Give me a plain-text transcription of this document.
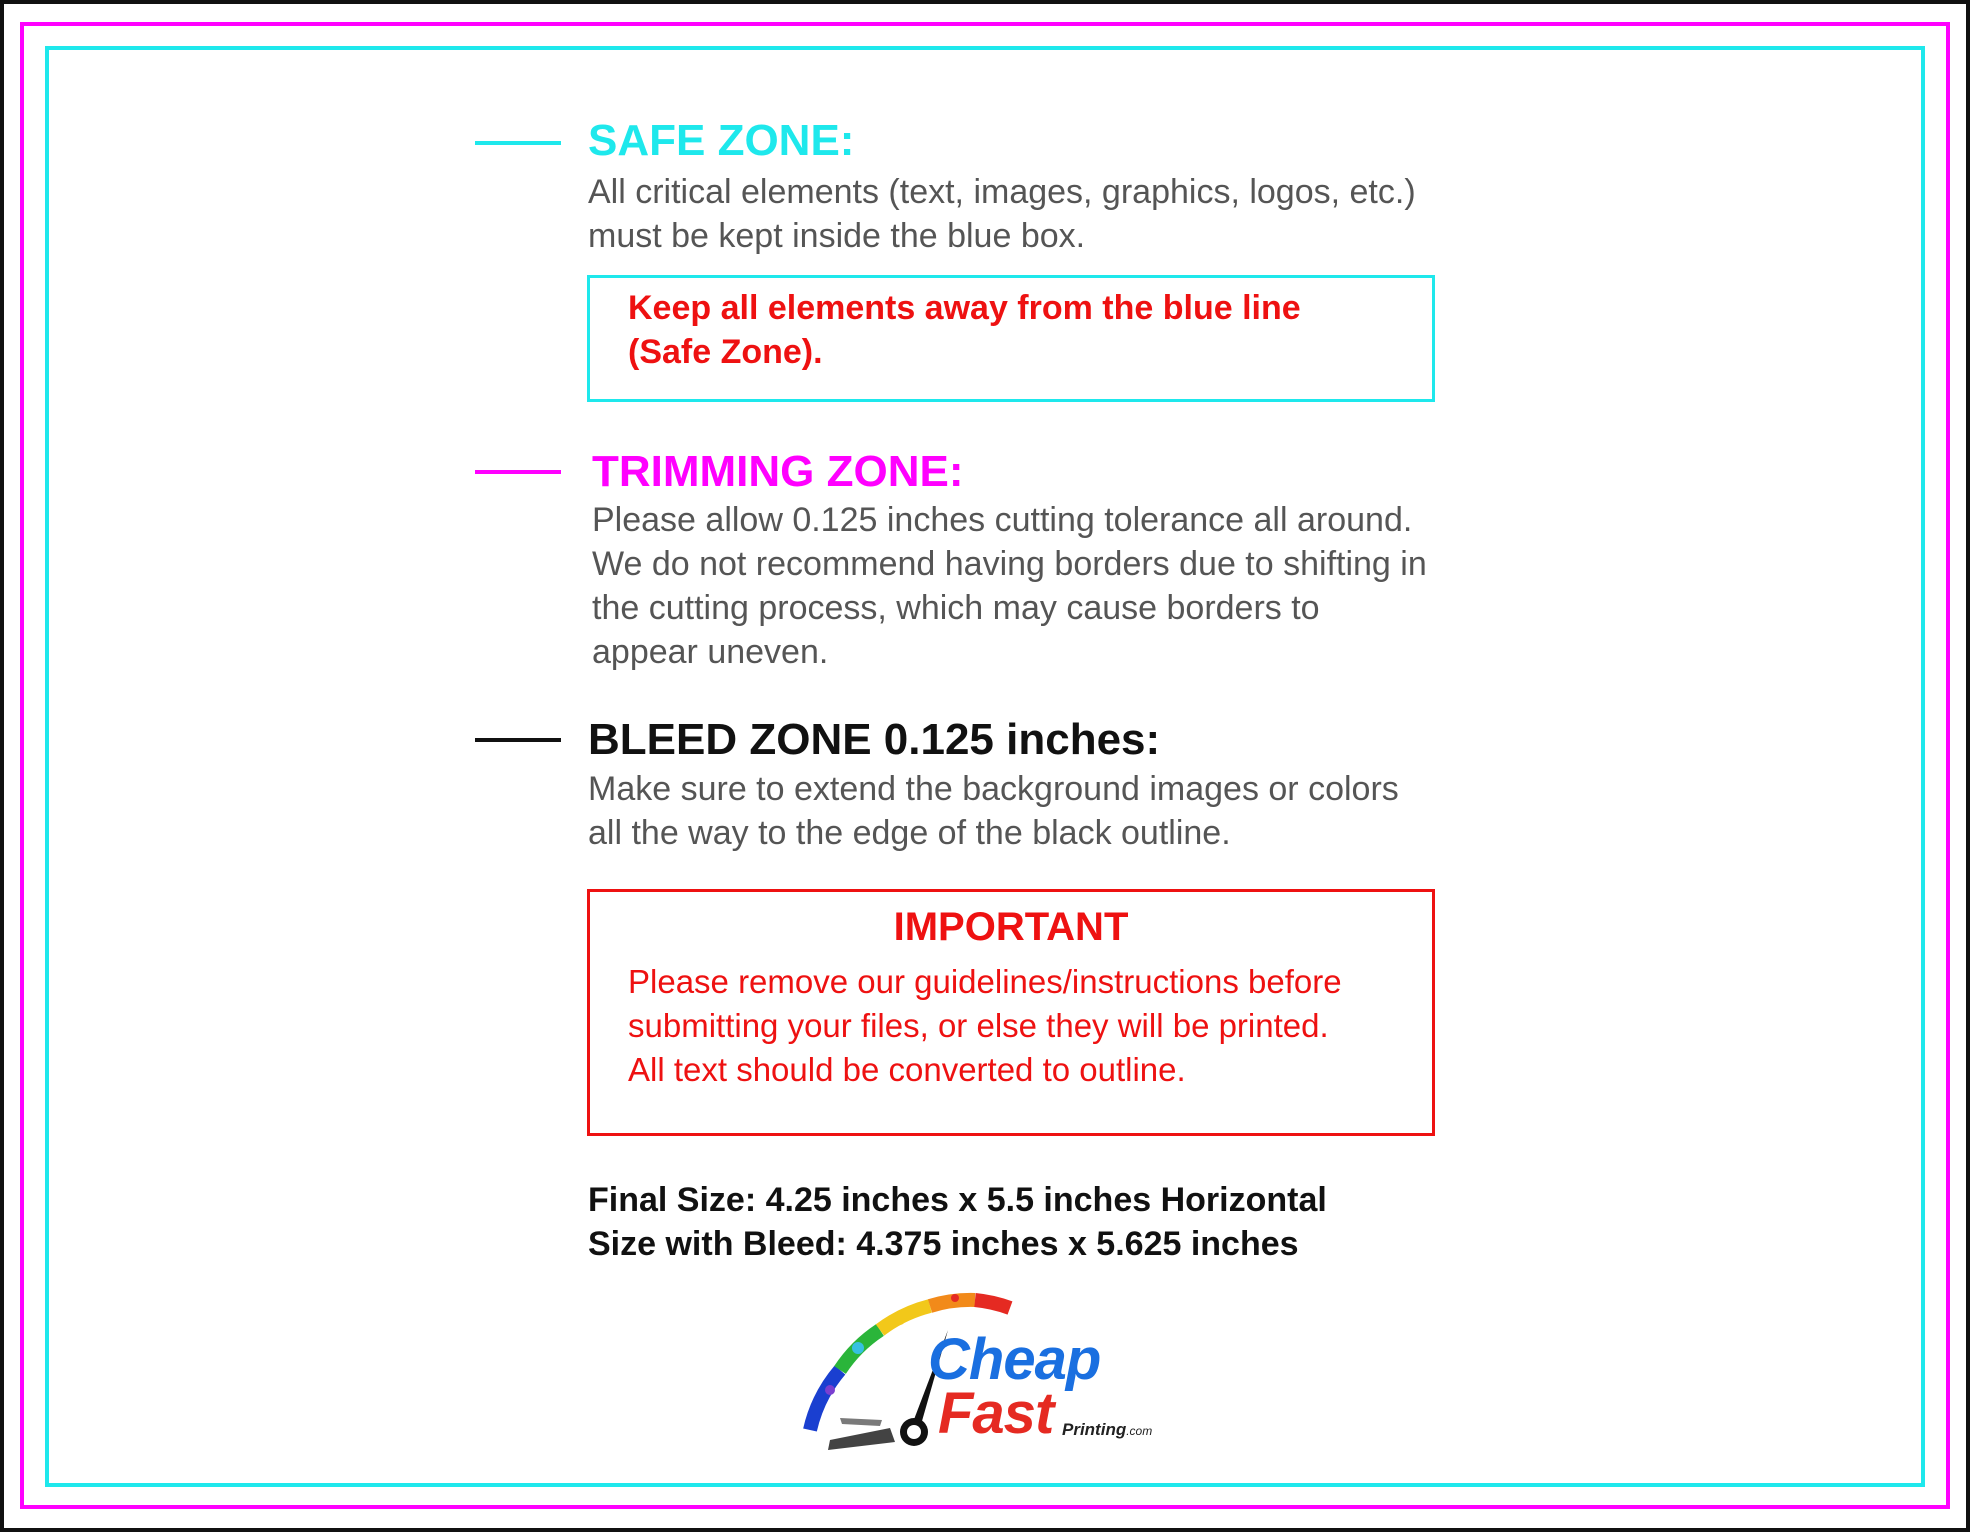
SAFE ZONE:
All critical elements (text, images, graphics, logos, etc.)
must be kept inside the blue box.
Keep all elements away from the blue line
(Safe Zone).
TRIMMING ZONE:
Please allow 0.125 inches cutting tolerance all around.
We do not recommend having borders due to shifting in
the cutting process, which may cause borders to
appear uneven.
BLEED ZONE 0.125 inches:
Make sure to extend the background images or colors
all the way to the edge of the black outline.
IMPORTANT
Please remove our guidelines/instructions before
submitting your files, or else they will be printed.
All text should be converted to outline.
Final Size: 4.25 inches x 5.5 inches Horizontal
Size with Bleed: 4.375 inches x 5.625 inches
Cheap
Fast Printing.com
